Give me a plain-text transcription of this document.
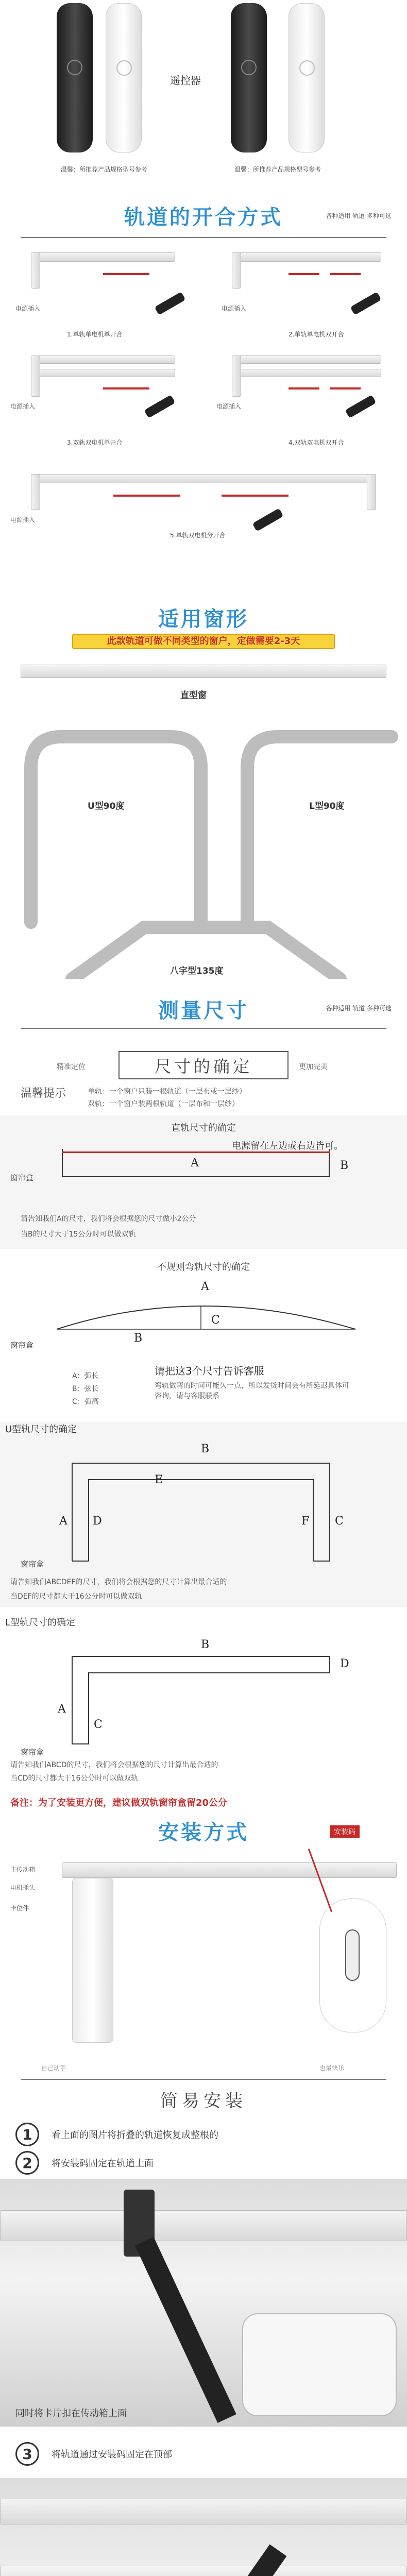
遥控器
温馨：所推荐产品规格型号参考	温馨：所推荐产品规格型号参考
轨道的开合方式	各种适用 轨道 多种可选
电源插入
1.单轨单电机单开合
电源插入
2.单轨单电机双开合
电源插入
3.双轨双电机单开合
电源插入
4.双轨双电机双开合
电源插入
5.单轨双电机分开合
适用窗形
此款轨道可做不同类型的窗户，定做需要2-3天
直型窗
U型90度	L型90度
八字型135度
测量尺寸	各种适用 轨道 多种可选
精准定位	尺寸的确定	更加完美
温馨提示	单轨：一个窗户只装一根轨道（一层布或一层纱）
双轨：一个窗户装两根轨道（一层布和一层纱）
直轨尺寸的确定
电源留在左边或右边皆可。
窗帘盒
A	B
请告知我们A的尺寸，我们将会根据您的尺寸做小2公分
当B的尺寸大于15公分时可以做双轨
不规则弯轨尺寸的确定
A
B
C
窗帘盒
A：弧长
B：弦长
C：弧高
请把这3个尺寸告诉客服
弯轨做弯的时间可能久一点，所以发货时间会有所延迟具体可咨询，请与客服联系
U型轨尺寸的确定
B
E
A	C
D	F
窗帘盒
请告知我们ABCDEF的尺寸，我们将会根据您的尺寸计算出最合适的
当DEF的尺寸都大于16公分时可以做双轨
L型轨尺寸的确定
B
D
A
C
窗帘盒
请告知我们ABCD的尺寸，我们将会根据您的尺寸计算出最合适的
当CD的尺寸都大于16公分时可以做双轨
备注：为了安装更方便，建议做双轨窗帘盒留20公分
安装方式	安装码
主传动箱
电机插头
卡位件
自己动手	也最快乐
简易安装
1	看上面的图片将折叠的轨道恢复成整根的
2	将安装码固定在轨道上面
同时将卡片扣在传动箱上面
3	将轨道通过安装码固定在顶部
